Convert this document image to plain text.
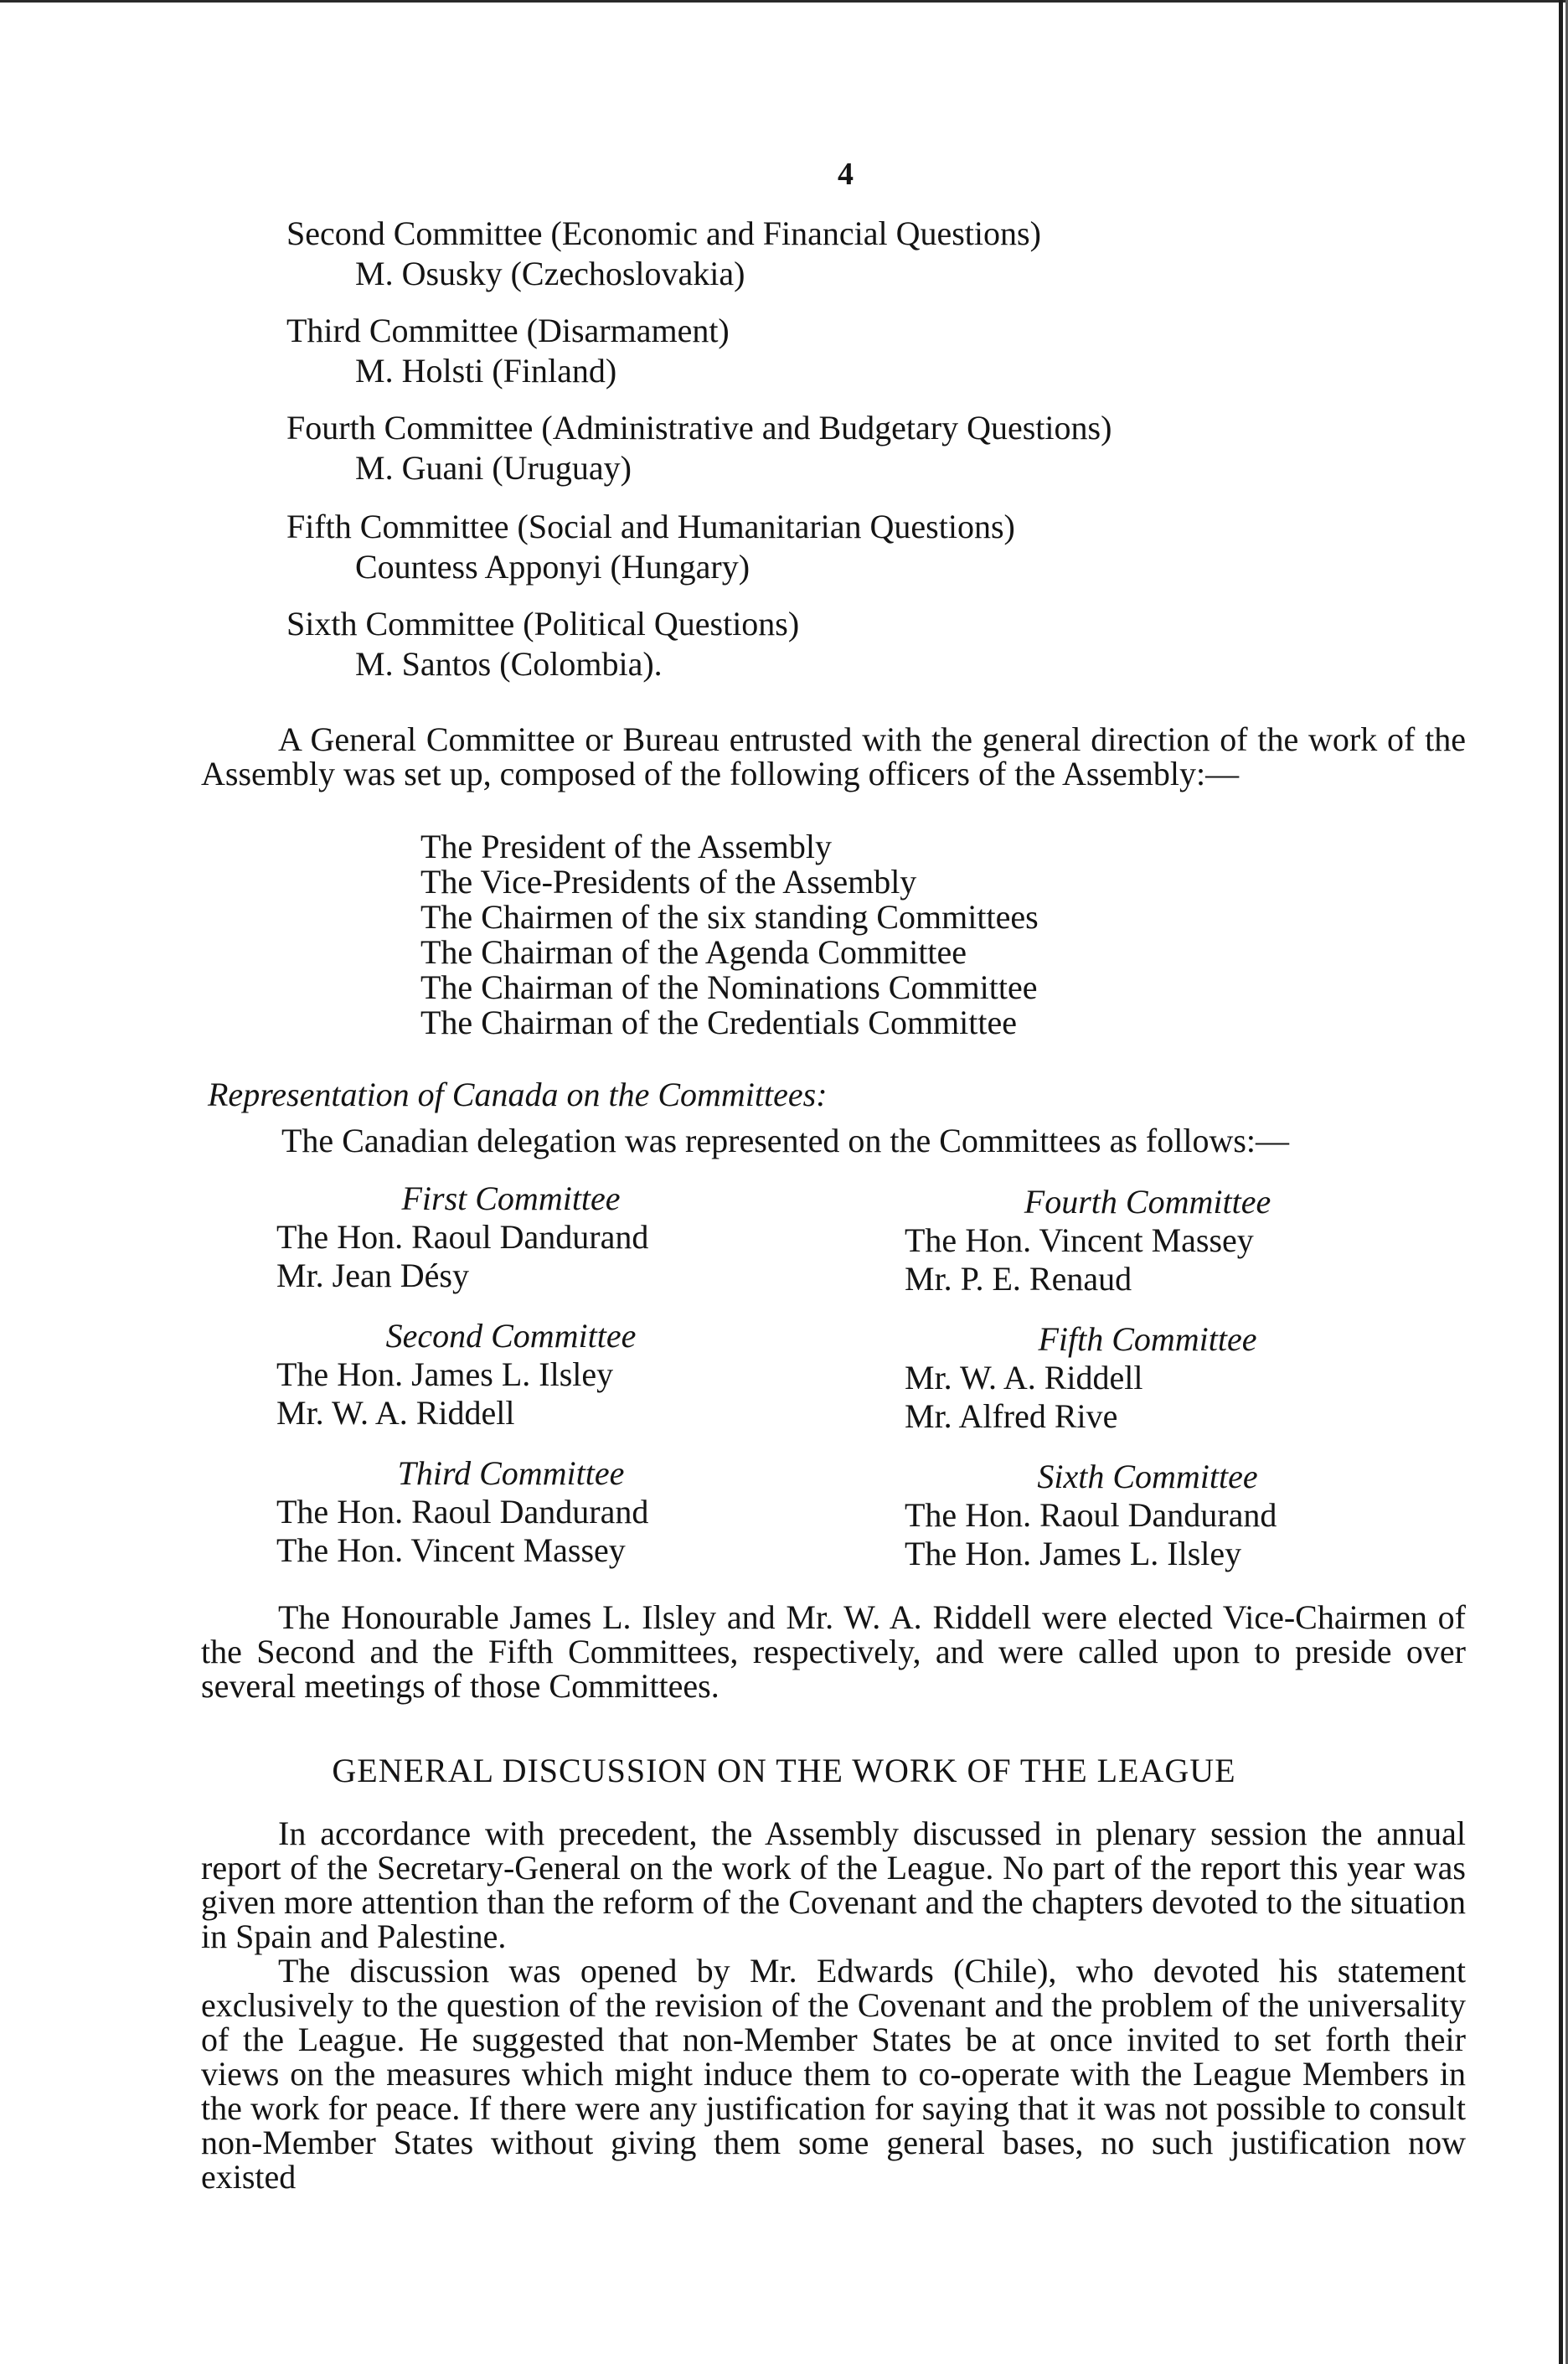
4
Second Committee (Economic and Financial Questions)
M. Osusky (Czechoslovakia)
Third Committee (Disarmament)
M. Holsti (Finland)
Fourth Committee (Administrative and Budgetary Questions)
M. Guani (Uruguay)
Fifth Committee (Social and Humanitarian Questions)
Countess Apponyi (Hungary)
Sixth Committee (Political Questions)
M. Santos (Colombia).

A General Committee or Bureau entrusted with the general direction of the work of the Assembly was set up, composed of the following officers of the Assembly:—

The President of the Assembly
The Vice-Presidents of the Assembly
The Chairmen of the six standing Committees
The Chairman of the Agenda Committee
The Chairman of the Nominations Committee
The Chairman of the Credentials Committee
Representation of Canada on the Committees:
The Canadian delegation was represented on the Committees as follows:—
First Committee
The Hon. Raoul Dandurand
Mr. Jean Désy
Second Committee
The Hon. James L. Ilsley
Mr. W. A. Riddell
Third Committee
The Hon. Raoul Dandurand
The Hon. Vincent Massey
Fourth Committee
The Hon. Vincent Massey
Mr. P. E. Renaud
Fifth Committee
Mr. W. A. Riddell
Mr. Alfred Rive
Sixth Committee
The Hon. Raoul Dandurand
The Hon. James L. Ilsley

The Honourable James L. Ilsley and Mr. W. A. Riddell were elected Vice-Chairmen of the Second and the Fifth Committees, respectively, and were called upon to preside over several meetings of those Committees.

GENERAL DISCUSSION ON THE WORK OF THE LEAGUE

In accordance with precedent, the Assembly discussed in plenary session the annual report of the Secretary-General on the work of the League. No part of the report this year was given more attention than the reform of the Covenant and the chapters devoted to the situation in Spain and Palestine.

The discussion was opened by Mr. Edwards (Chile), who devoted his statement exclusively to the question of the revision of the Covenant and the problem of the universality of the League. He suggested that non-Member States be at once invited to set forth their views on the measures which might induce them to co-operate with the League Members in the work for peace. If there were any justification for saying that it was not possible to consult non-Member States without giving them some general bases, no such justification now existed
